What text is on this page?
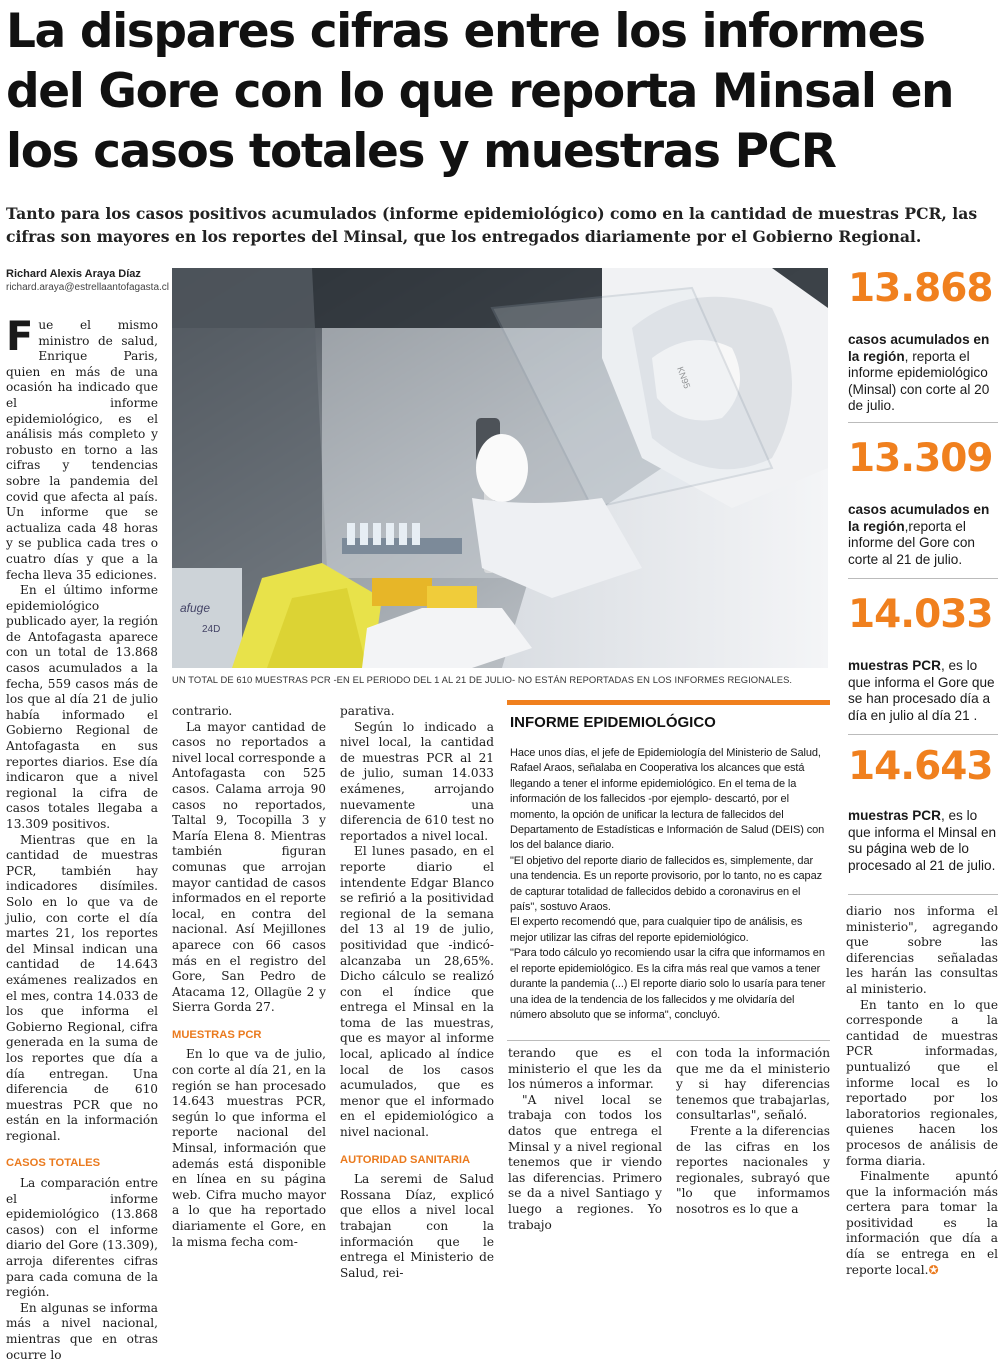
La dispares cifras entre los informes del Gore con lo que reporta Minsal en los casos totales y muestras PCR

Tanto para los casos positivos acumulados (informe epidemiológico) como en la cantidad de muestras PCR, las cifras son mayores en los reportes del Minsal, que los entregados diariamente por el Gobierno Regional.

Richard Alexis Araya Díaz
richard.araya@estrellaantofagasta.cl
afuge
24D
KN95
UN TOTAL DE 610 MUESTRAS PCR -EN EL PERIODO DEL 1 AL 21 DE JULIO- NO ESTÁN REPORTADAS EN LOS INFORMES REGIONALES.

Fue el mismo ministro de salud, Enrique Paris, quien en más de una ocasión ha indicado que el informe epidemiológico, es el análisis más completo y robusto en torno a las cifras y tendencias sobre la pandemia del covid que afecta al país. Un informe que se actualiza cada 48 horas y se publica cada tres o cuatro días y que a la fecha lleva 35 ediciones.

En el último informe epidemiológico publicado ayer, la región de Antofagasta aparece con un total de 13.868 casos acumulados a la fecha, 559 casos más de los que al día 21 de julio había informado el Gobierno Regional de Antofagasta en sus reportes diarios. Ese día indicaron que a nivel regional la cifra de casos totales llegaba a 13.309 positivos.

Mientras que en la cantidad de muestras PCR, también hay indicadores disímiles. Solo en lo que va de julio, con corte el día martes 21, los reportes del Minsal indican una cantidad de 14.643 exámenes realizados en el mes, contra 14.033 de los que informa el Gobierno Regional, cifra generada en la suma de los reportes que día a día entregan. Una diferencia de 610 muestras PCR que no están en la información regional.

CASOS TOTALES

La comparación entre el informe epidemiológico (13.868 casos) con el informe diario del Gore (13.309), arroja diferentes cifras para cada comuna de la región.

En algunas se informa más a nivel nacional, mientras que en otras ocurre lo

contrario.

La mayor cantidad de casos no reportados a nivel local corresponde a Antofagasta con 525 casos. Calama arroja 90 casos no reportados, Taltal 9, Tocopilla 3 y María Elena 8. Mientras también figuran comunas que arrojan mayor cantidad de casos informados en el reporte local, en contra del nacional. Así Mejillones aparece con 66 casos más en el registro del Gore, San Pedro de Atacama 12, Ollagüe 2 y Sierra Gorda 27.

MUESTRAS PCR

En lo que va de julio, con corte al día 21, en la región se han procesado 14.643 muestras PCR, según lo que informa el reporte nacional del Minsal, información que además está disponible en línea en su página web. Cifra mucho mayor a lo que ha reportado diariamente el Gore, en la misma fecha com-

parativa.

Según lo indicado a nivel local, la cantidad de muestras PCR al 21 de julio, suman 14.033 exámenes, arrojando nuevamente una diferencia de 610 test no reportados a nivel local.

El lunes pasado, en el reporte diario el intendente Edgar Blanco se refirió a la positividad regional de la semana del 13 al 19 de julio, positividad que -indicó- alcanzaba un 28,65%. Dicho cálculo se realizó con el índice que entrega el Minsal en la toma de las muestras, que es mayor al informe local, aplicado al índice local de los casos acumulados, que es menor que el informado en el epidemiológico a nivel nacional.

AUTORIDAD SANITARIA

La seremi de Salud Rossana Díaz, explicó que ellos a nivel local trabajan con la información que le entrega el Ministerio de Salud, rei-

INFORME EPIDEMIOLÓGICO

Hace unos días, el jefe de Epidemiología del Ministerio de Salud, Rafael Araos, señalaba en Cooperativa los alcances que está llegando a tener el informe epidemiológico. En el tema de la información de los fallecidos -por ejemplo- descartó, por el momento, la opción de unificar la lectura de fallecidos del Departamento de Estadísticas e Información de Salud (DEIS) con los del balance diario.

"El objetivo del reporte diario de fallecidos es, simplemente, dar una tendencia. Es un reporte provisorio, por lo tanto, no es capaz de capturar totalidad de fallecidos debido a coronavirus en el país", sostuvo Araos.

El experto recomendó que, para cualquier tipo de análisis, es mejor utilizar las cifras del reporte epidemiológico.

"Para todo cálculo yo recomiendo usar la cifra que informamos en el reporte epidemiológico. Es la cifra más real que vamos a tener durante la pandemia (...) El reporte diario solo lo usaría para tener una idea de la tendencia de los fallecidos y me olvidaría del número absoluto que se informa", concluyó.

terando que es el ministerio el que les da los números a informar.

"A nivel local se trabaja con todos los datos que entrega el Minsal y a nivel regional tenemos que ir viendo las diferencias. Primero se da a nivel Santiago y luego a regiones. Yo trabajo

con toda la información que me da el ministerio y si hay diferencias tenemos que trabajarlas, consultarlas", señaló.

Frente a la diferencias de las cifras en los reportes nacionales y regionales, subrayó que "lo que informamos nosotros es lo que a

13.868
casos acumulados en la región, reporta el informe epidemiológico (Minsal) con corte al 20 de julio.
13.309
casos acumulados en la región,reporta el informe del Gore con corte al 21 de julio.
14.033
muestras PCR, es lo que informa el Gore que se han procesado día a día en julio al día 21 .
14.643
muestras PCR, es lo que informa el Minsal en su página web de lo procesado al 21 de julio.

diario nos informa el ministerio", agregando que sobre las diferencias señaladas les harán las consultas al ministerio.

En tanto en lo que corresponde a la cantidad de muestras PCR informadas, puntualizó que el informe local es lo reportado por los laboratorios regionales, quienes hacen los procesos de análisis de forma diaria.

Finalmente apuntó que la información más certera para tomar la positividad es la información que día a día se entrega en el reporte local.✪
